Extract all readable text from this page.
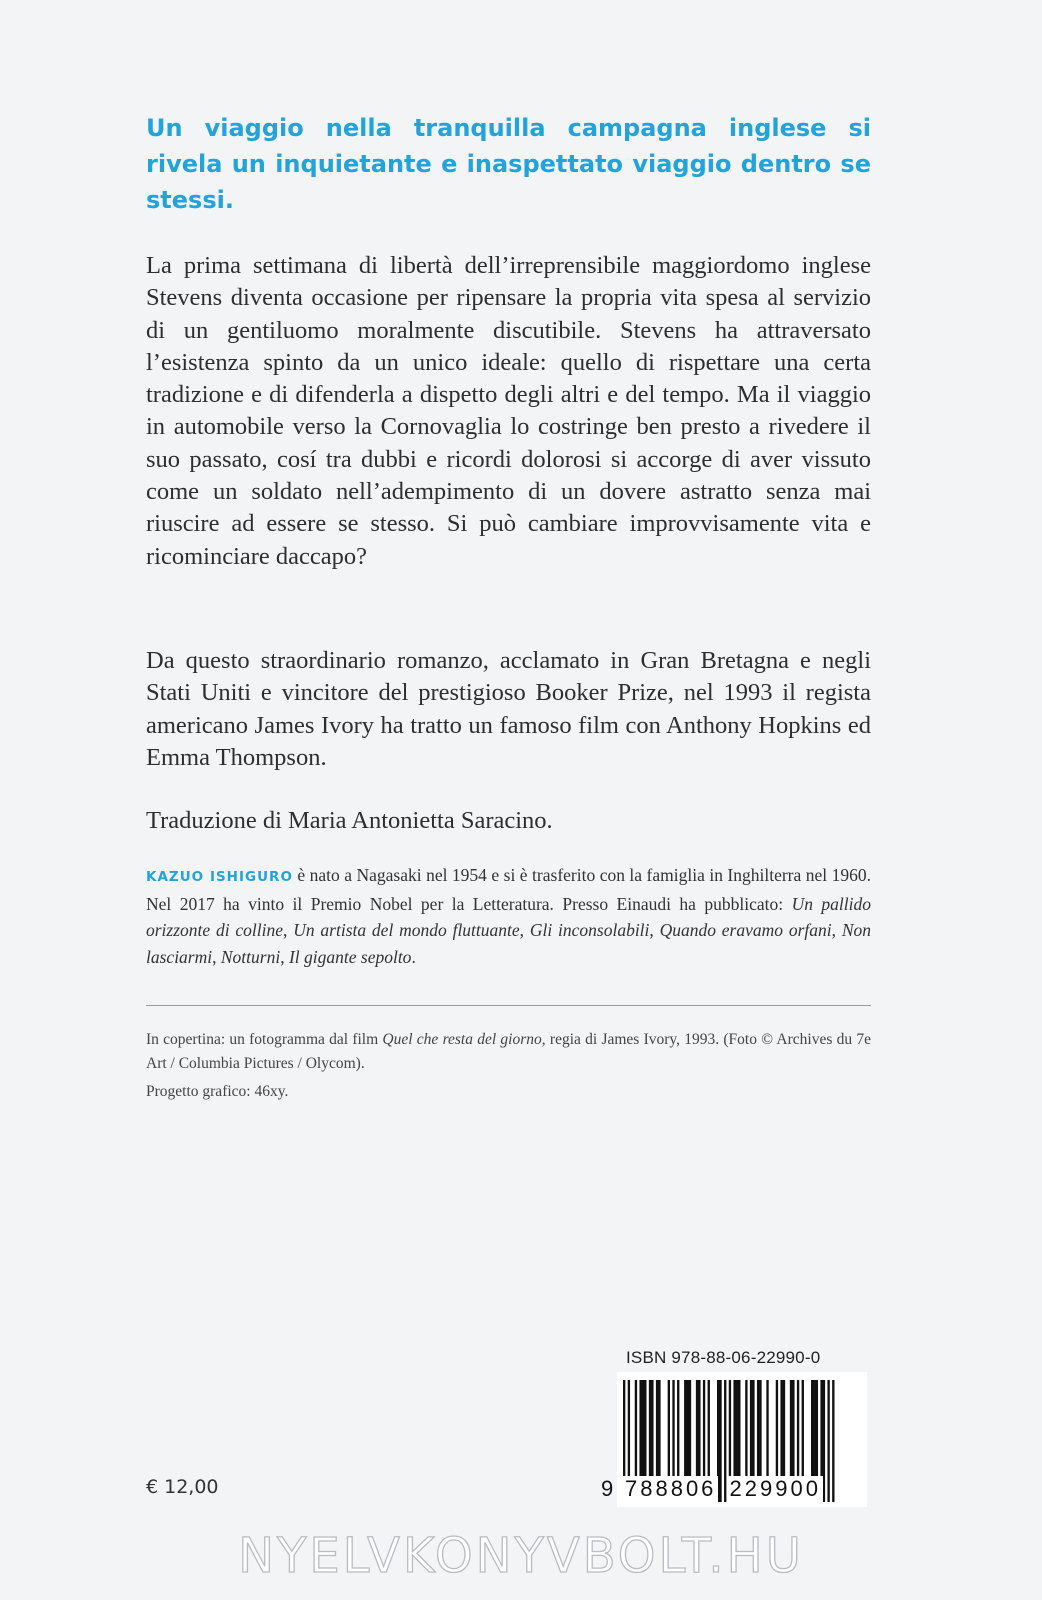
Un viaggio nella tranquilla campagna inglese si rivela un inquietante e inaspettato viaggio dentro se stessi.

La prima settimana di libertà dell’irreprensibile maggiordomo inglese Stevens diventa occasione per ripensare la propria vita spesa al servizio di un gentiluomo moralmente discutibile. Stevens ha attraversato l’esistenza spinto da un unico ideale: quello di rispettare una certa tradizione e di difenderla a dispetto degli altri e del tempo. Ma il viaggio in automobile verso la Cornovaglia lo costringe ben presto a rivedere il suo passato, cosí tra dubbi e ricordi dolorosi si accorge di aver vissuto come un soldato nell’adempimento di un dovere astratto senza mai riuscire ad essere se stesso. Si può cambiare improvvisamente vita e ricominciare daccapo?

Da questo straordinario romanzo, acclamato in Gran Bretagna e negli Stati Uniti e vincitore del prestigioso Booker Prize, nel 1993 il regista americano James Ivory ha tratto un famoso film con Anthony Hopkins ed Emma Thompson.

Traduzione di Maria Antonietta Saracino.

KAZUO ISHIGURO è nato a Nagasaki nel 1954 e si è trasferito con la famiglia in Inghilterra nel 1960. Nel 2017 ha vinto il Premio Nobel per la Letteratura. Presso Einaudi ha pubblicato: Un pallido orizzonte di colline, Un artista del mondo fluttuante, Gli inconsolabili, Quando eravamo orfani, Non lasciarmi, Notturni, Il gigante sepolto.

In copertina: un fotogramma dal film Quel che resta del giorno, regia di James Ivory, 1993. (Foto © Archives du 7e Art / Columbia Pictures / Olycom).

Progetto grafico: 46xy.

€ 12,00

ISBN 978-88-06-22990-0

9 788806 229900

NYELVKONYVBOLT.HU
